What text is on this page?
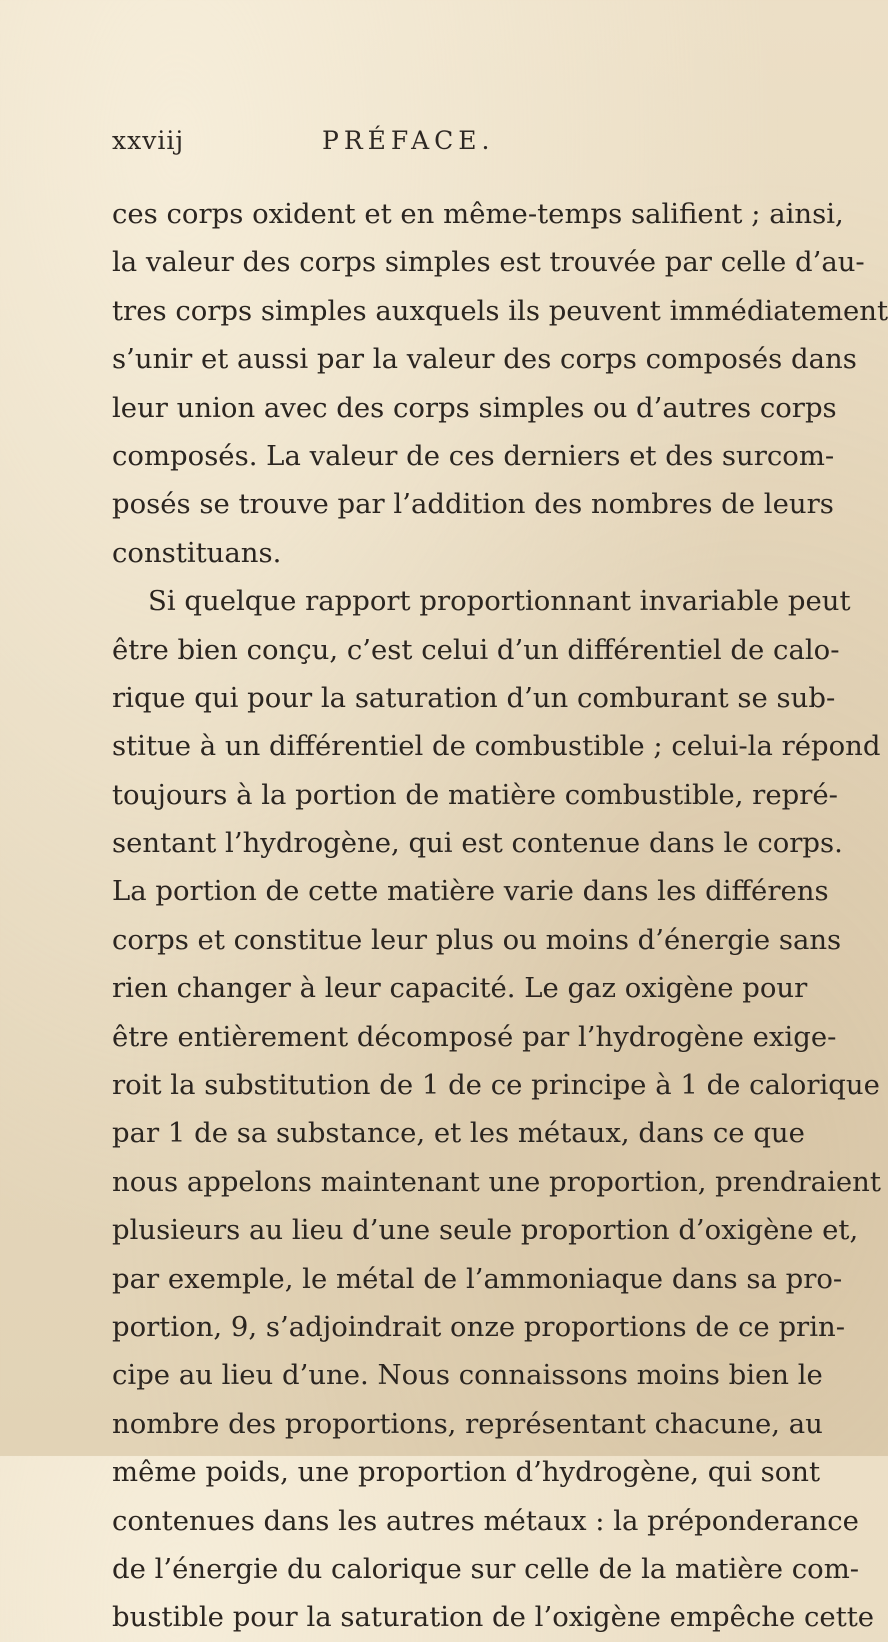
xxviij	PRÉFACE.
ces corps oxident et en même-temps salifient ; ainsi,
la valeur des corps simples est trouvée par celle d’au-
tres corps simples auxquels ils peuvent immédiatement
s’unir et aussi par la valeur des corps composés dans
leur union avec des corps simples ou d’autres corps
composés. La valeur de ces derniers et des surcom-
posés se trouve par l’addition des nombres de leurs
constituans.
Si quelque rapport proportionnant invariable peut
être bien conçu, c’est celui d’un différentiel de calo-
rique qui pour la saturation d’un comburant se sub-
stitue à un différentiel de combustible ; celui-la répond
toujours à la portion de matière combustible, repré-
sentant l’hydrogène, qui est contenue dans le corps.
La portion de cette matière varie dans les différens
corps et constitue leur plus ou moins d’énergie sans
rien changer à leur capacité. Le gaz oxigène pour
être entièrement décomposé par l’hydrogène exige-
roit la substitution de 1 de ce principe à 1 de calorique
par 1 de sa substance, et les métaux, dans ce que
nous appelons maintenant une proportion, prendraient
plusieurs au lieu d’une seule proportion d’oxigène et,
par exemple, le métal de l’ammoniaque dans sa pro-
portion, 9, s’adjoindrait onze proportions de ce prin-
cipe au lieu d’une. Nous connaissons moins bien le
nombre des proportions, représentant chacune, au
même poids, une proportion d’hydrogène, qui sont
contenues dans les autres métaux : la préponderance
de l’énergie du calorique sur celle de la matière com-
bustible pour la saturation de l’oxigène empêche cette
